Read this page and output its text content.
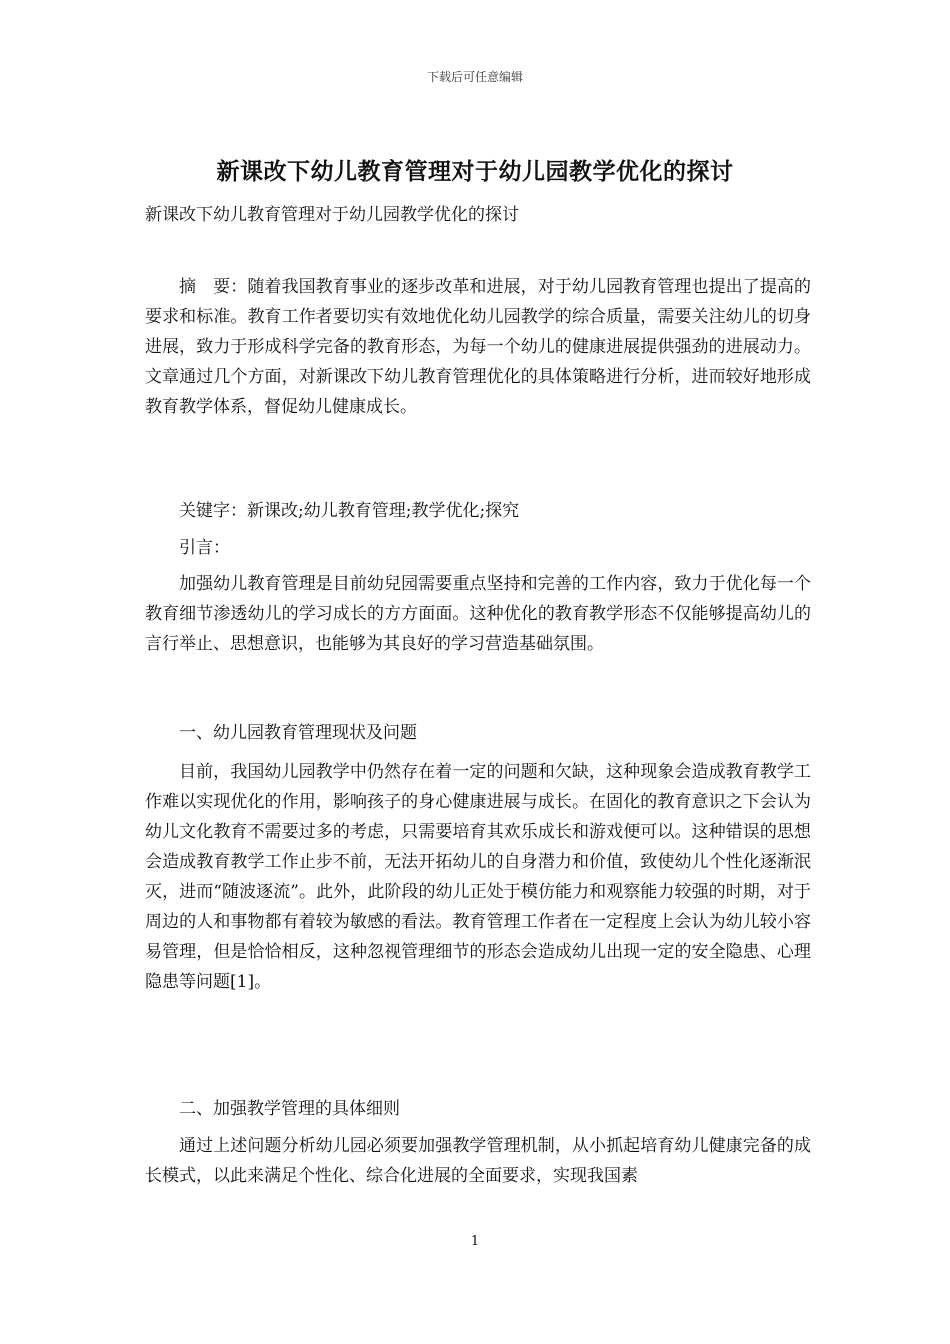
下载后可任意编辑
新课改下幼儿教育管理对于幼儿园教学优化的探讨
新课改下幼儿教育管理对于幼儿园教学优化的探讨

摘　要：随着我国教育事业的逐步改革和进展，对于幼儿园教育管理也提出了提高的要求和标准。教育工作者要切实有效地优化幼儿园教学的综合质量，需要关注幼儿的切身进展，致力于形成科学完备的教育形态，为每一个幼儿的健康进展提供强劲的进展动力。文章通过几个方面，对新课改下幼儿教育管理优化的具体策略进行分析，进而较好地形成教育教学体系，督促幼儿健康成长。

关键字：新课改;幼儿教育管理;教学优化;探究

引言：

加强幼儿教育管理是目前幼兒园需要重点坚持和完善的工作内容，致力于优化每一个教育细节渗透幼儿的学习成长的方方面面。这种优化的教育教学形态不仅能够提高幼儿的言行举止、思想意识，也能够为其良好的学习营造基础氛围。

一、幼儿园教育管理现状及问题

目前，我国幼儿园教学中仍然存在着一定的问题和欠缺，这种现象会造成教育教学工作难以实现优化的作用，影响孩子的身心健康进展与成长。在固化的教育意识之下会认为幼儿文化教育不需要过多的考虑，只需要培育其欢乐成长和游戏便可以。这种错误的思想会造成教育教学工作止步不前，无法开拓幼儿的自身潜力和价值，致使幼儿个性化逐渐泯灭，进而“随波逐流”。此外，此阶段的幼儿正处于模仿能力和观察能力较强的时期，对于周边的人和事物都有着较为敏感的看法。教育管理工作者在一定程度上会认为幼儿较小容易管理，但是恰恰相反，这种忽视管理细节的形态会造成幼儿出现一定的安全隐患、心理隐患等问题[1]。

二、加强教学管理的具体细则

通过上述问题分析幼儿园必须要加强教学管理机制，从小抓起培育幼儿健康完备的成长模式，以此来满足个性化、综合化进展的全面要求，实现我国素

1
